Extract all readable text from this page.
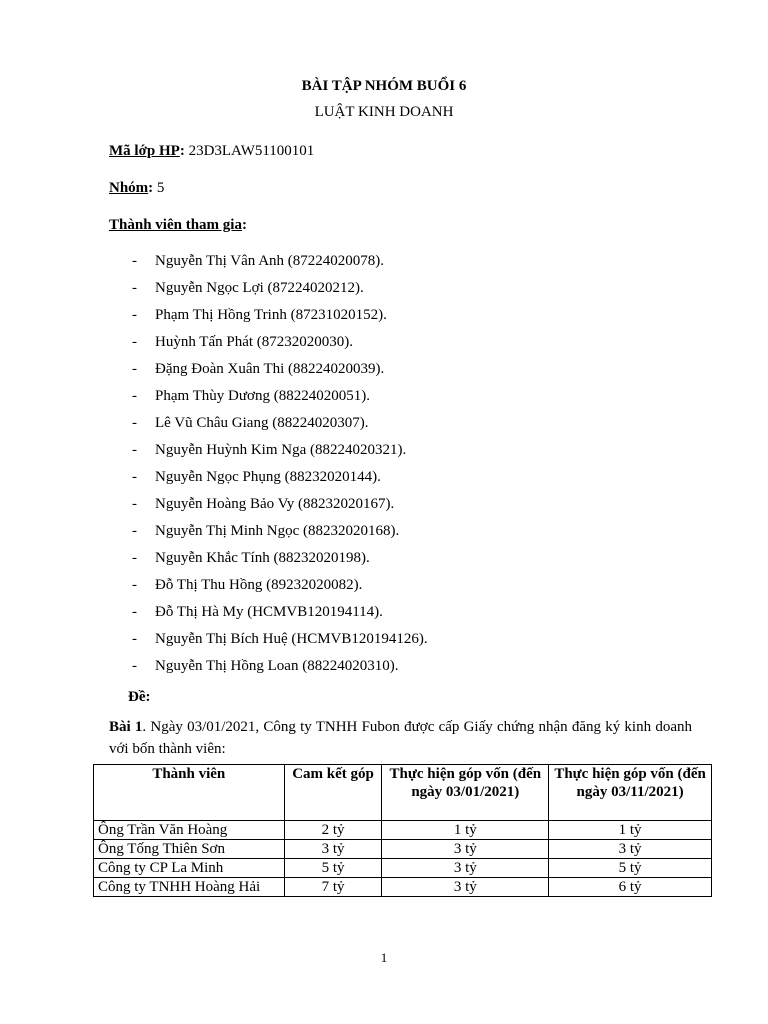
BÀI TẬP NHÓM BUỔI 6
LUẬT KINH DOANH
Mã lớp HP: 23D3LAW51100101
Nhóm: 5
Thành viên tham gia:
- Nguyễn Thị Vân Anh (87224020078).
- Nguyễn Ngọc Lợi (87224020212).
- Phạm Thị Hồng Trinh (87231020152).
- Huỳnh Tấn Phát (87232020030).
- Đặng Đoàn Xuân Thi (88224020039).
- Phạm Thùy Dương (88224020051).
- Lê Vũ Châu Giang (88224020307).
- Nguyễn Huỳnh Kim Nga (88224020321).
- Nguyễn Ngọc Phụng (88232020144).
- Nguyễn Hoàng Bảo Vy (88232020167).
- Nguyễn Thị Minh Ngọc (88232020168).
- Nguyễn Khắc Tính (88232020198).
- Đỗ Thị Thu Hồng (89232020082).
- Đỗ Thị Hà My (HCMVB120194114).
- Nguyễn Thị Bích Huệ (HCMVB120194126).
- Nguyễn Thị Hồng Loan (88224020310).
Đề:
Bài 1. Ngày 03/01/2021, Công ty TNHH Fubon được cấp Giấy chứng nhận đăng ký kinh doanh với bốn thành viên:
Thành viên	Cam kết góp	Thực hiện góp vốn (đến ngày 03/01/2021)	Thực hiện góp vốn (đến ngày 03/11/2021)
Ông Trần Văn Hoàng	2 tỷ	1 tỷ	1 tỷ
Ông Tống Thiên Sơn	3 tỷ	3 tỷ	3 tỷ
Công ty CP La Minh	5 tỷ	3 tỷ	5 tỷ
Công ty TNHH Hoàng Hải	7 tỷ	3 tỷ	6 tỷ
1
